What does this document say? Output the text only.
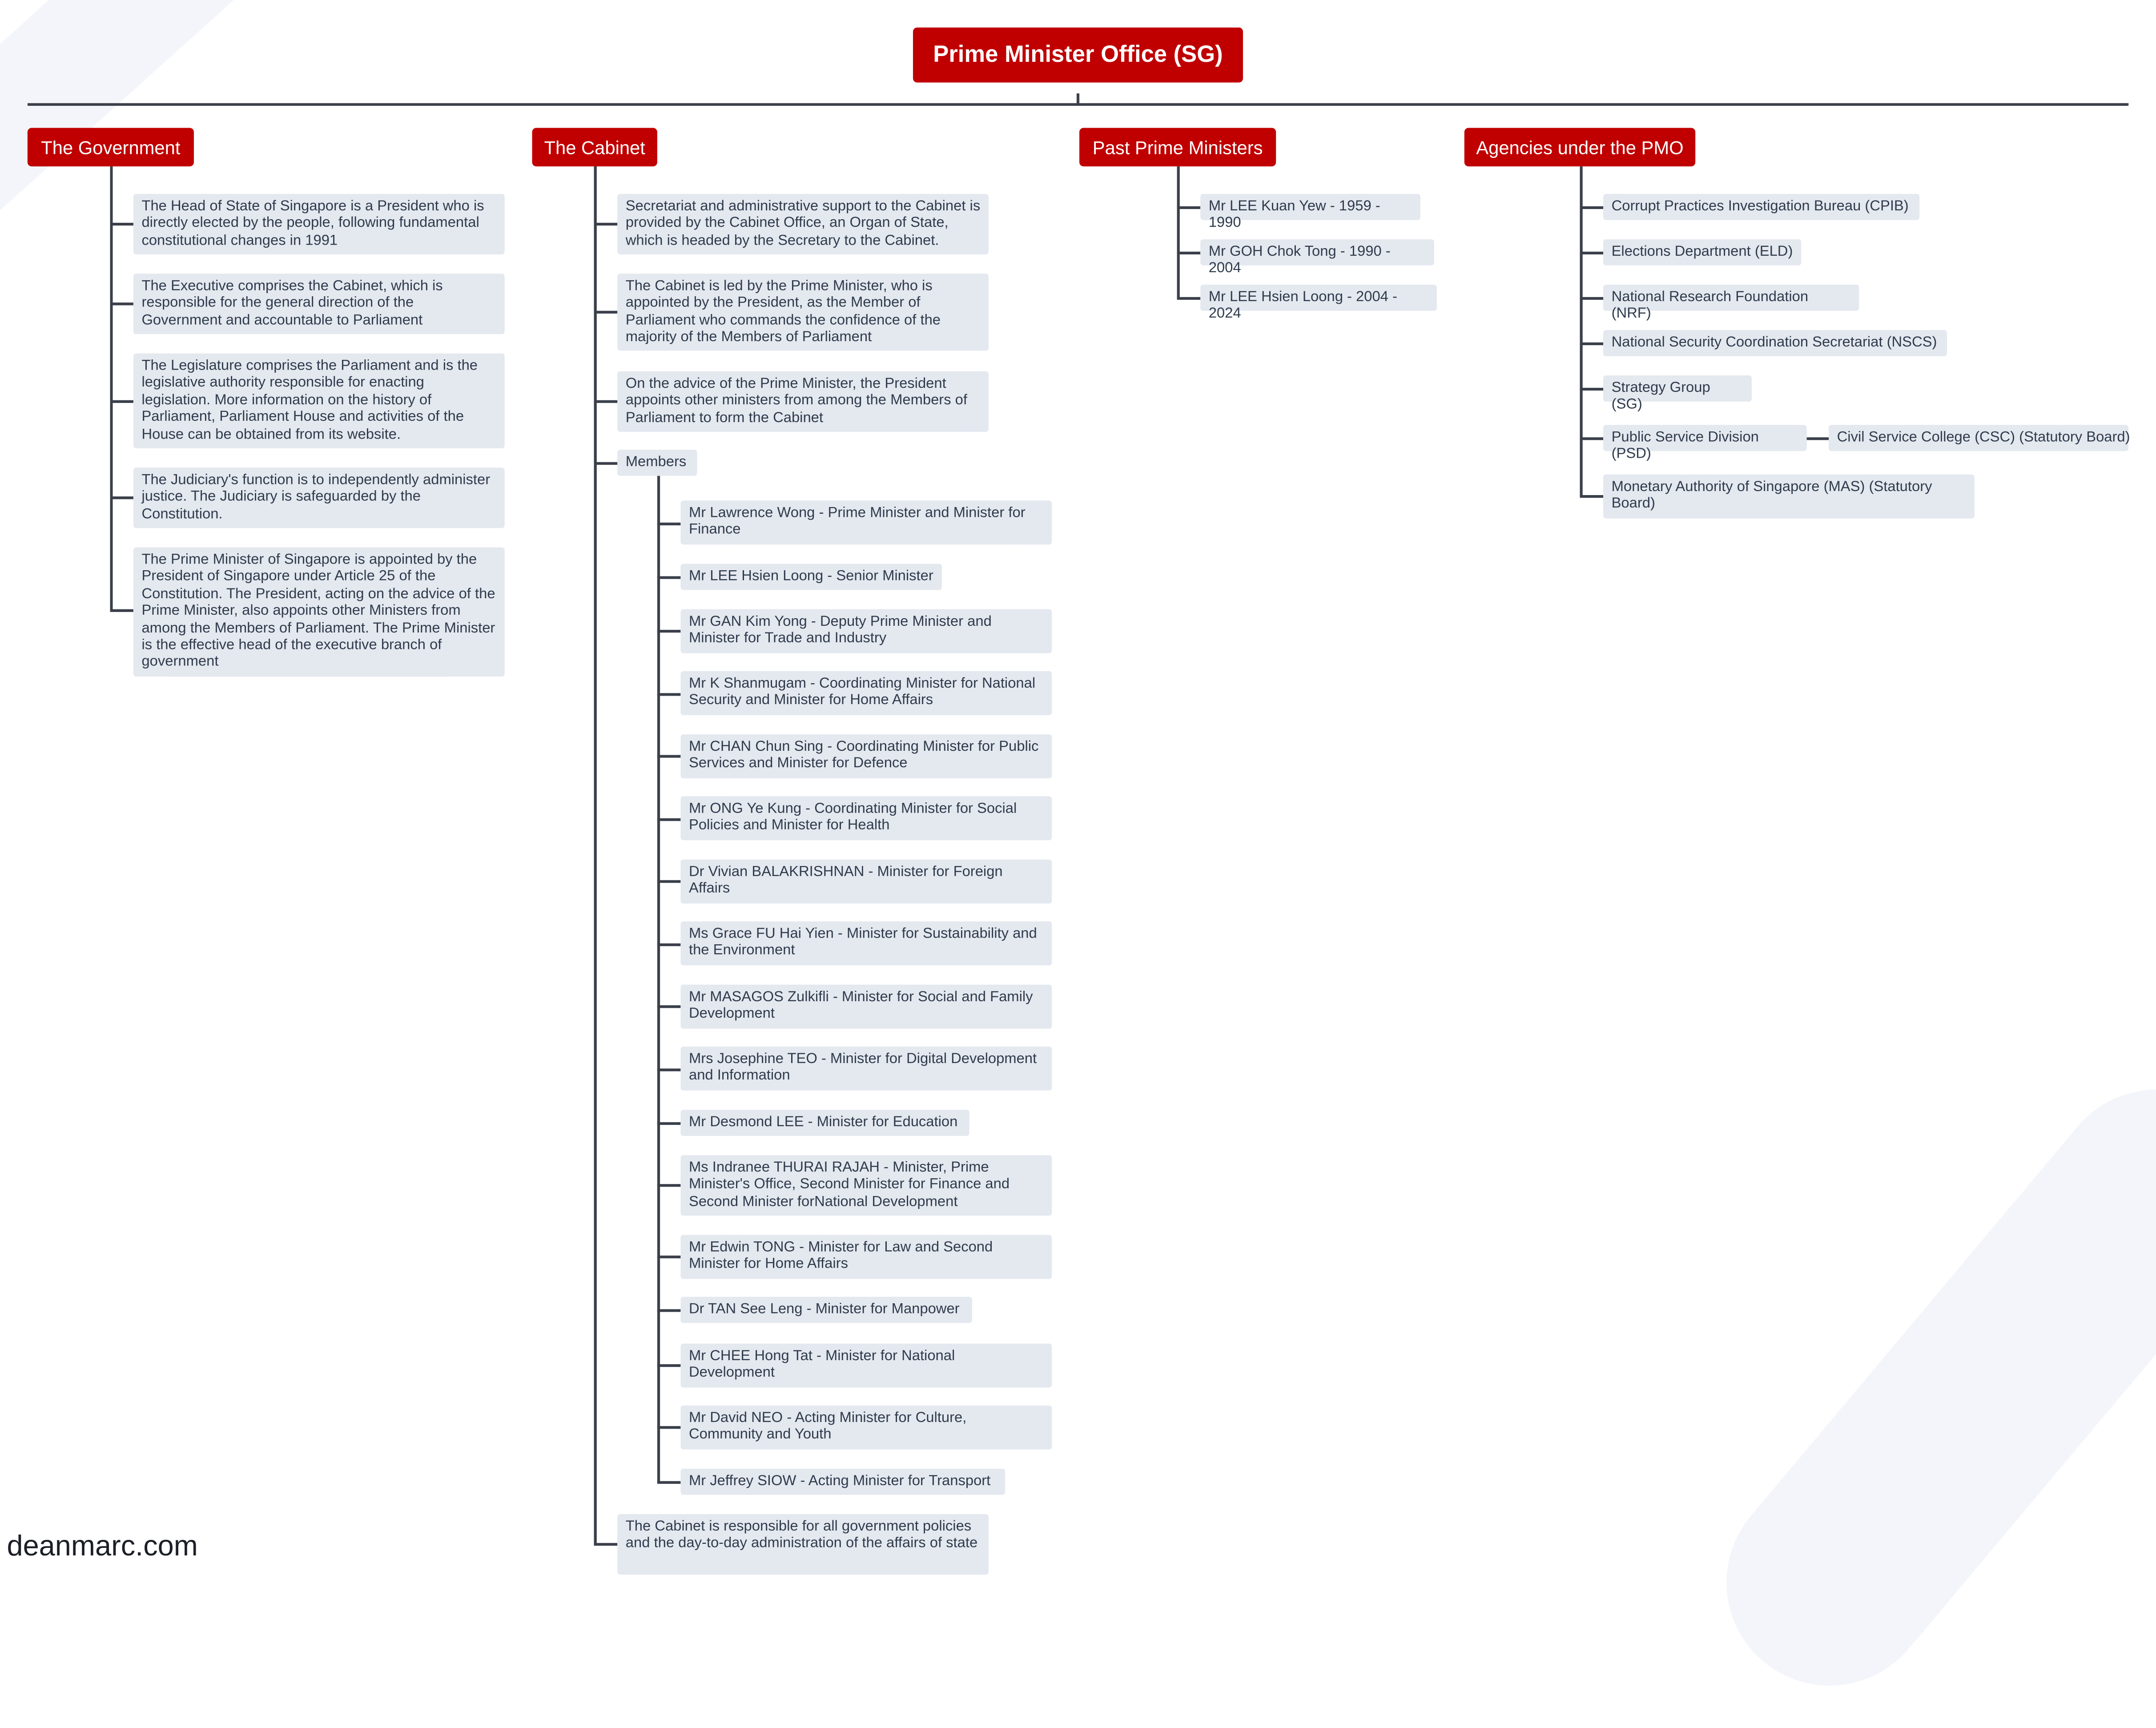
Prime Minister Office (SG)
The Government
The Head of State of Singapore is a President who is directly elected by the people, following fundamental constitutional changes in 1991
The Executive comprises the Cabinet, which is responsible for the general direction of the Government and accountable to Parliament
The Legislature comprises the Parliament and is the legislative authority responsible for enacting legislation. More information on the history of Parliament, Parliament House and activities of the House can be obtained from its website.
The Judiciary's function is to independently administer justice. The Judiciary is safeguarded by the Constitution.
The Prime Minister of Singapore is appointed by the President of Singapore under Article 25 of the Constitution. The President, acting on the advice of the Prime Minister, also appoints other Ministers from among the Members of Parliament. The Prime Minister is the effective head of the executive branch of government
The Cabinet
Secretariat and administrative support to the Cabinet is provided by the Cabinet Office, an Organ of State, which is headed by the Secretary to the Cabinet.
The Cabinet is led by the Prime Minister, who is appointed by the President, as the Member of Parliament who commands the confidence of the majority of the Members of Parliament
On the advice of the Prime Minister, the President appoints other ministers from among the Members of Parliament to form the Cabinet
Members
Mr Lawrence Wong - Prime Minister and Minister for Finance
Mr LEE Hsien Loong - Senior Minister
Mr GAN Kim Yong - Deputy Prime Minister and Minister for Trade and Industry
Mr K Shanmugam - Coordinating Minister for National Security and Minister for Home Affairs
Mr CHAN Chun Sing - Coordinating Minister for Public Services and Minister for Defence
Mr ONG Ye Kung - Coordinating Minister for Social Policies and Minister for Health
Dr Vivian BALAKRISHNAN - Minister for Foreign Affairs
Ms Grace FU Hai Yien - Minister for Sustainability and the Environment
Mr MASAGOS Zulkifli - Minister for Social and Family Development
Mrs Josephine TEO - Minister for Digital Development and Information
Mr Desmond LEE - Minister for Education
Ms Indranee THURAI RAJAH - Minister, Prime Minister's Office, Second Minister for Finance and Second Minister forNational Development
Mr Edwin TONG - Minister for Law and Second Minister for Home Affairs
Dr TAN See Leng - Minister for Manpower
Mr CHEE Hong Tat - Minister for National Development
Mr David NEO - Acting Minister for Culture, Community and Youth
Mr Jeffrey SIOW - Acting Minister for Transport
The Cabinet is responsible for all government policies and the day-to-day administration of the affairs of state
Past Prime Ministers
Mr LEE Kuan Yew - 1959 - 1990
Mr GOH Chok Tong - 1990 - 2004
Mr LEE Hsien Loong - 2004 - 2024
Agencies under the PMO
Corrupt Practices Investigation Bureau (CPIB)
Elections Department (ELD)
National Research Foundation (NRF)
National Security Coordination Secretariat (NSCS)
Strategy Group (SG)
Public Service Division (PSD)
Civil Service College (CSC) (Statutory Board)
Monetary Authority of Singapore (MAS) (Statutory Board)
deanmarc.com
